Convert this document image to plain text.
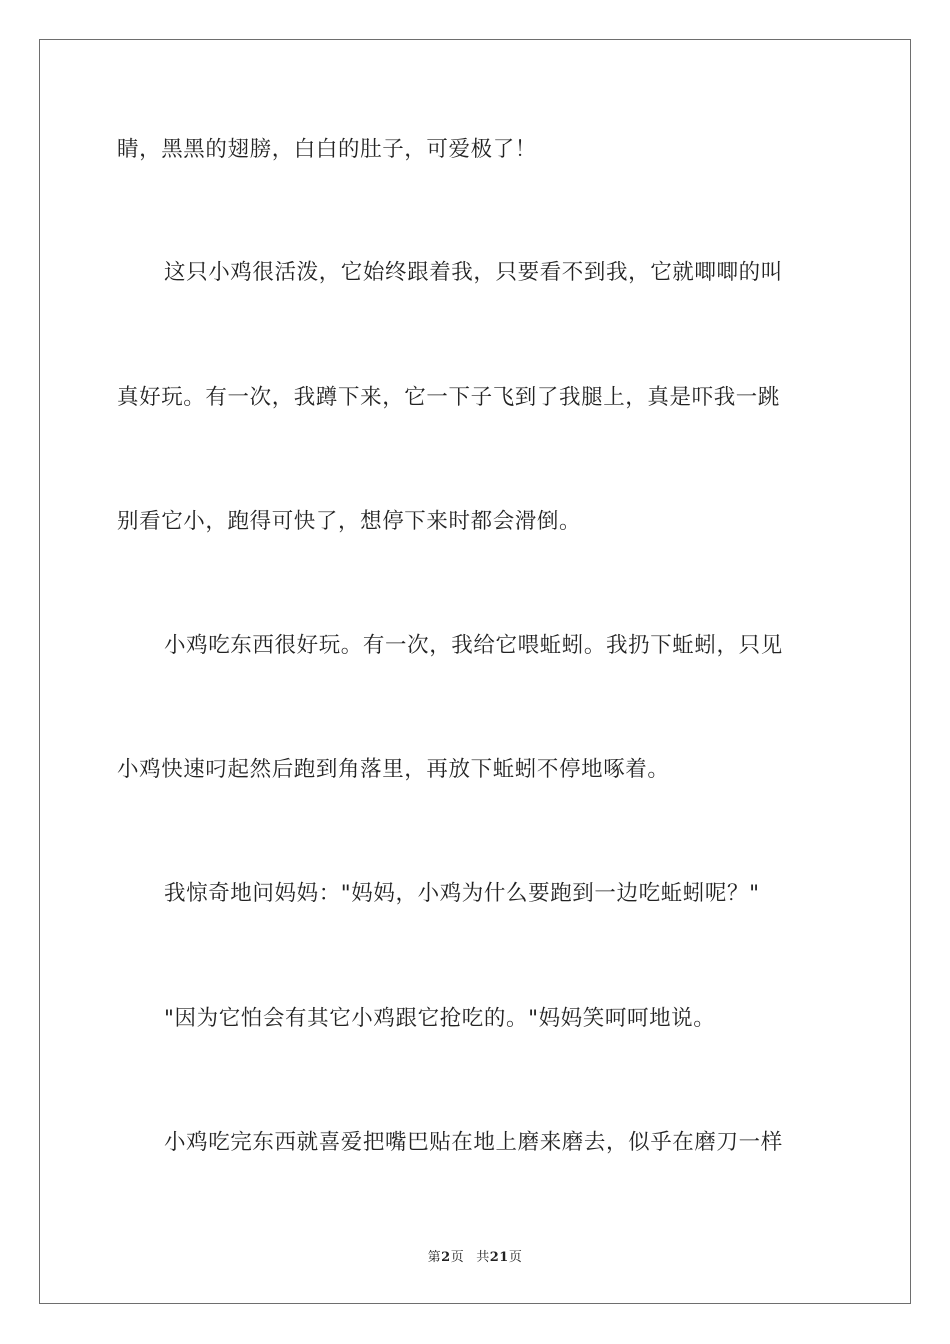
睛，黑黑的翅膀，白白的肚子，可爱极了！
这只小鸡很活泼，它始终跟着我，只要看不到我，它就唧唧的叫
真好玩。有一次，我蹲下来，它一下子飞到了我腿上，真是吓我一跳
别看它小，跑得可快了，想停下来时都会滑倒。
小鸡吃东西很好玩。有一次，我给它喂蚯蚓。我扔下蚯蚓，只见
小鸡快速叼起然后跑到角落里，再放下蚯蚓不停地啄着。
我惊奇地问妈妈："妈妈，小鸡为什么要跑到一边吃蚯蚓呢？"
"因为它怕会有其它小鸡跟它抢吃的。"妈妈笑呵呵地说。
小鸡吃完东西就喜爱把嘴巴贴在地上磨来磨去，似乎在磨刀一样
第2页 共21页
